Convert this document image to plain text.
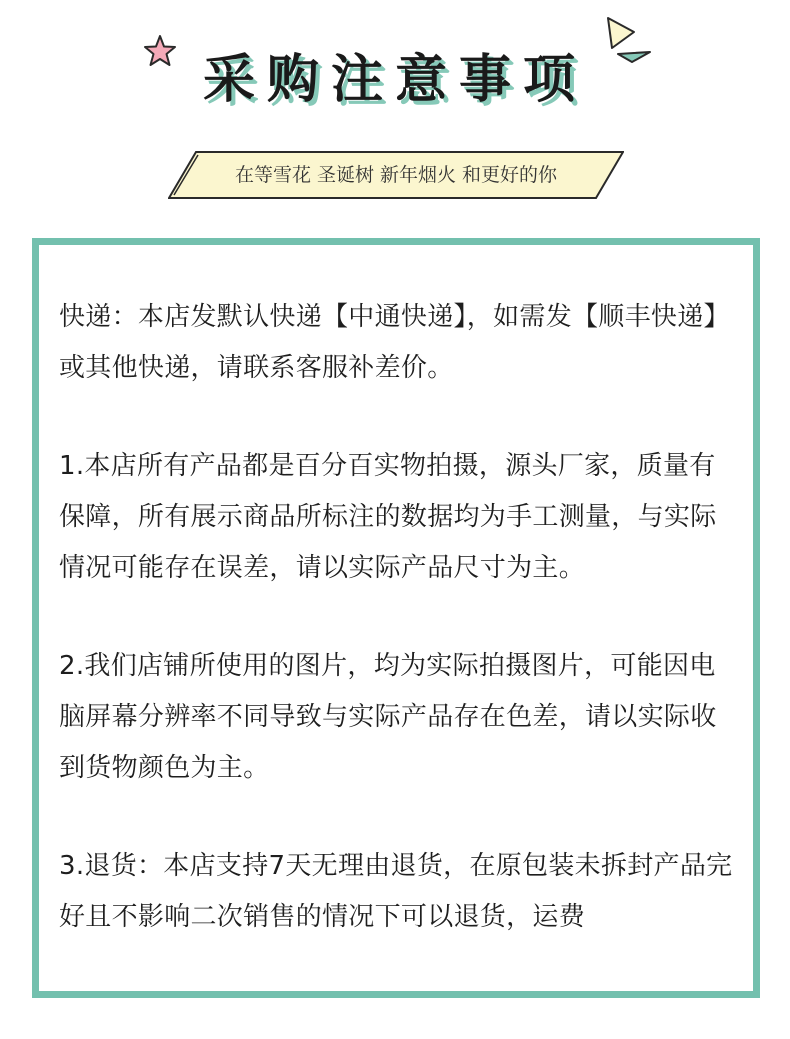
采购注意事项
在等雪花 圣诞树 新年烟火 和更好的你

快递：本店发默认快递【中通快递】，如需发【顺丰快递】或其他快递，请联系客服补差价。

1.本店所有产品都是百分百实物拍摄，源头厂家，质量有保障，所有展示商品所标注的数据均为手工测量，与实际情况可能存在误差，请以实际产品尺寸为主。

2.我们店铺所使用的图片，均为实际拍摄图片，可能因电脑屏幕分辨率不同导致与实际产品存在色差，请以实际收到货物颜色为主。

3.退货：本店支持7天无理由退货，在原包装未拆封产品完好且不影响二次销售的情况下可以退货，运费
